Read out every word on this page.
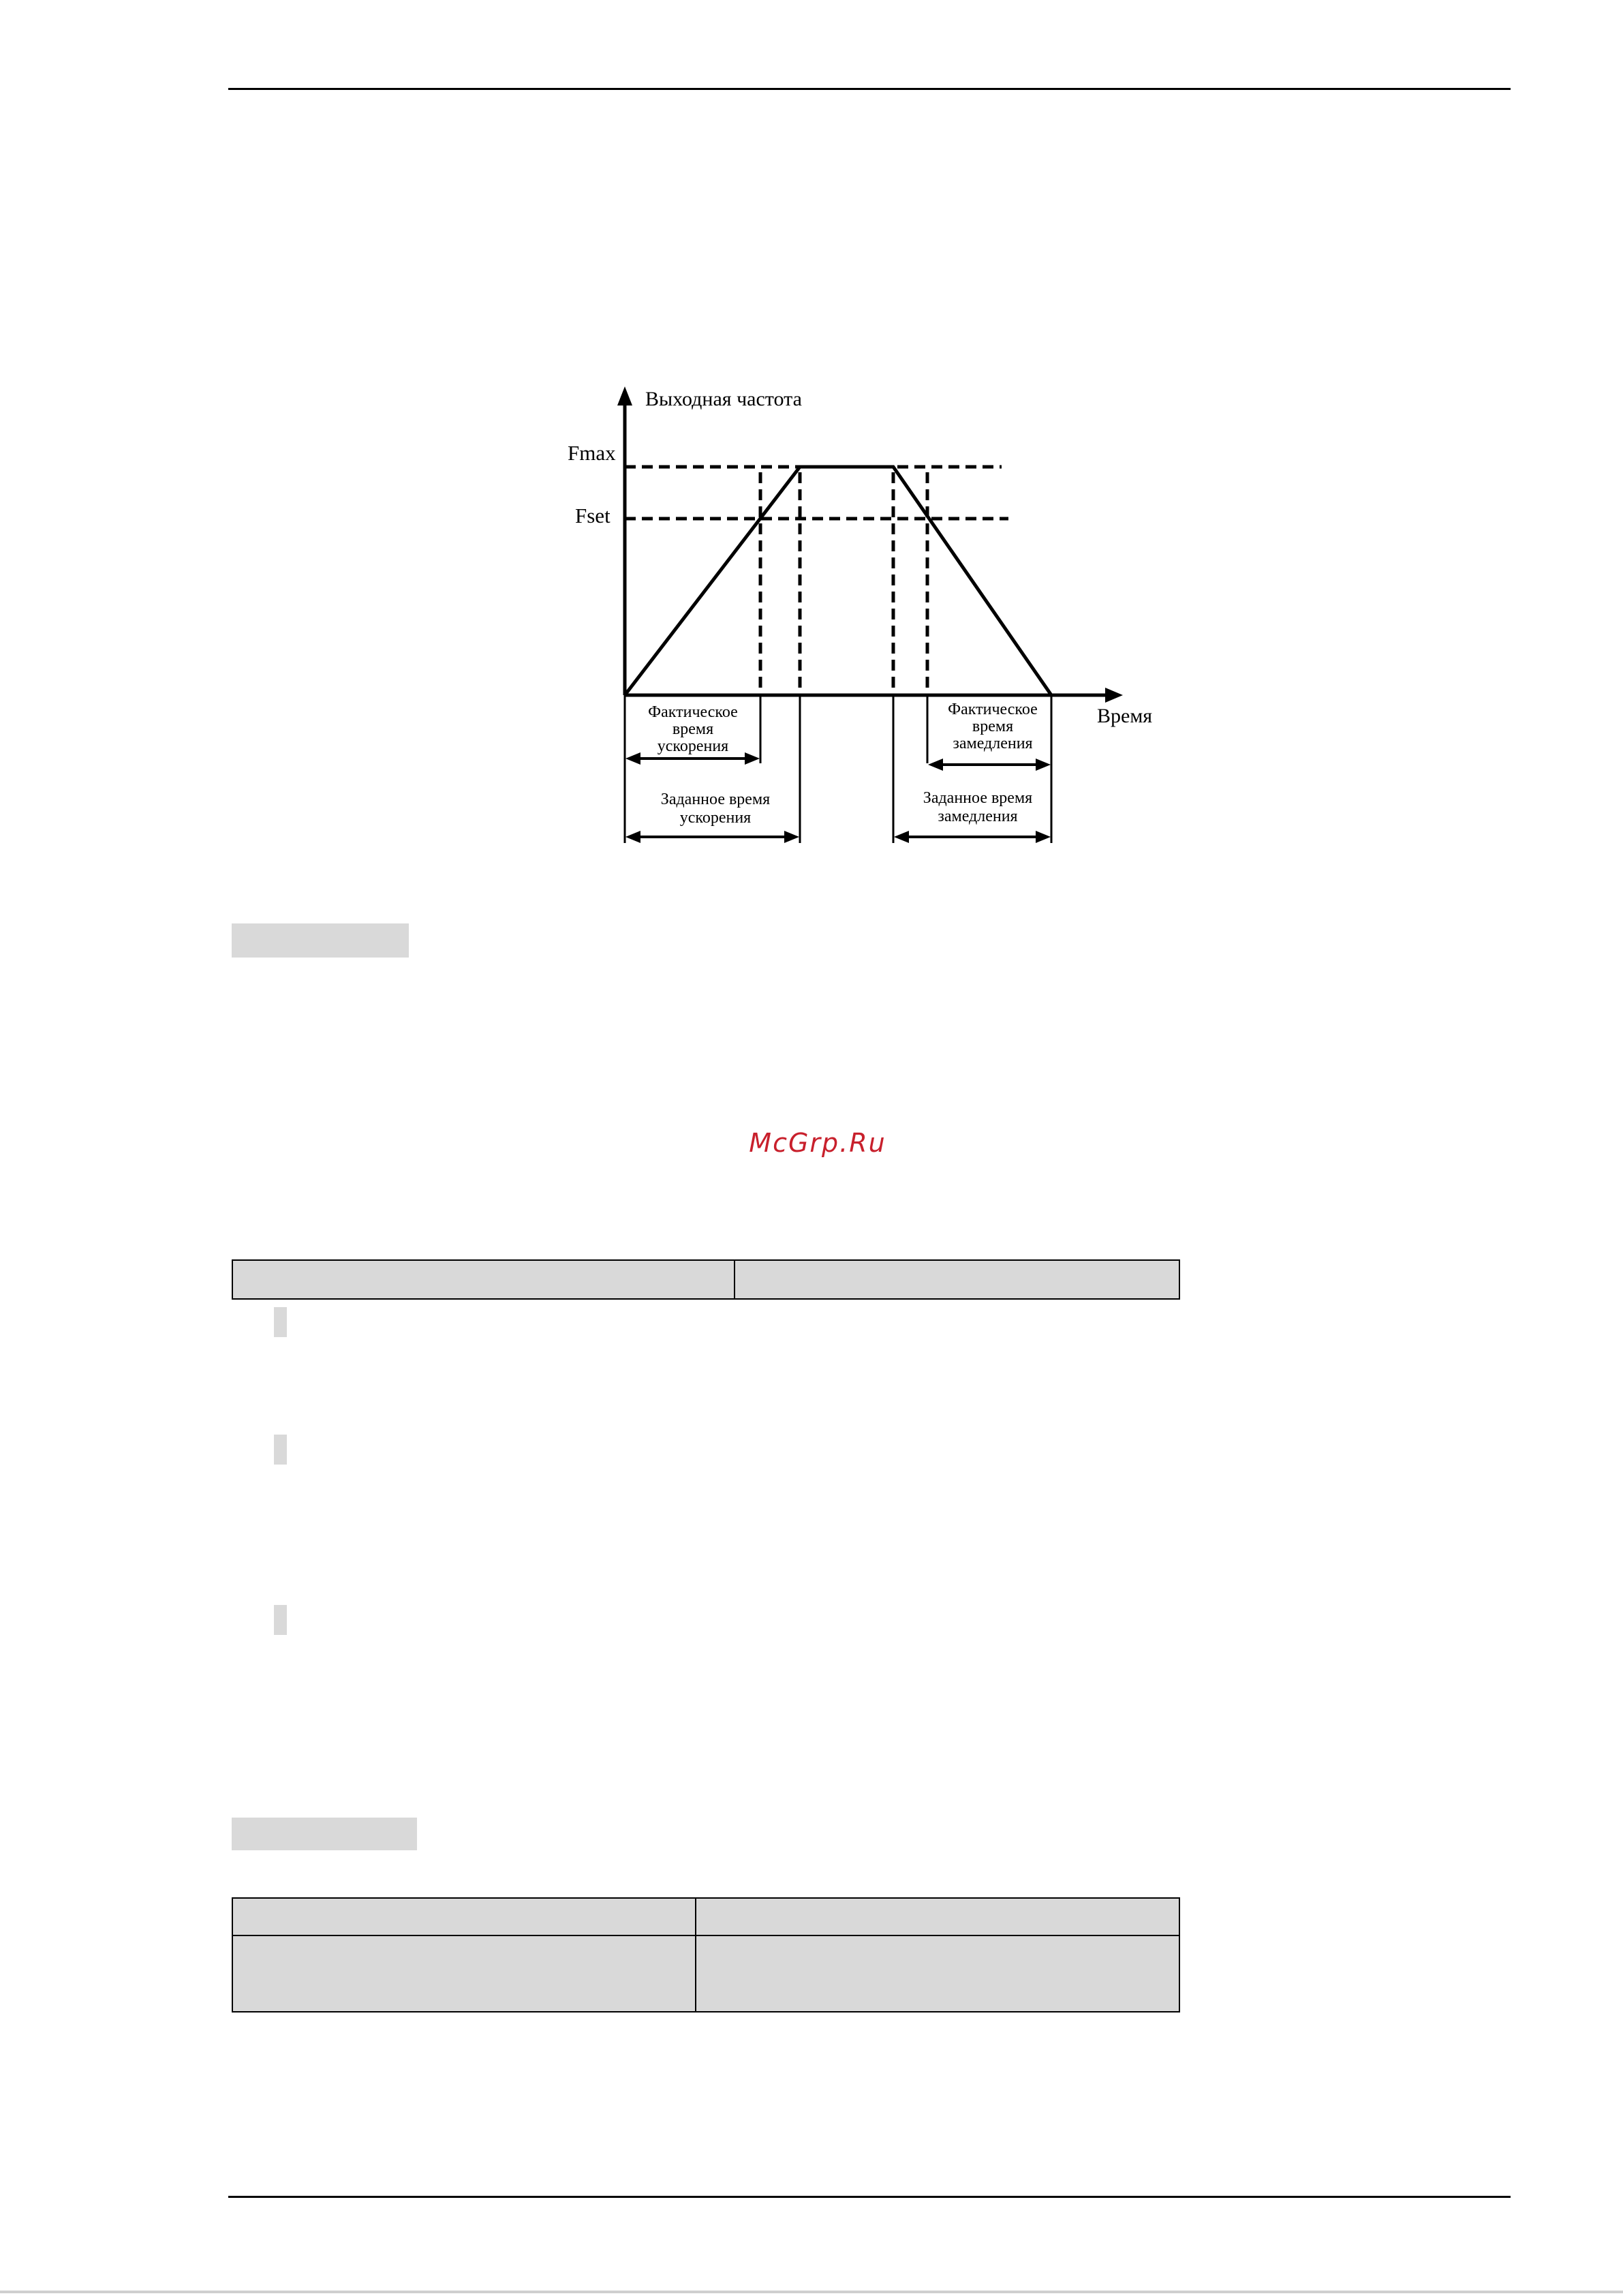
Выходная частота
Время
Fmax
Fset
Фактическое
время
ускорения
Фактическое
время
замедления
Заданное время
ускорения
Заданное время
замедления
McGrp.Ru
